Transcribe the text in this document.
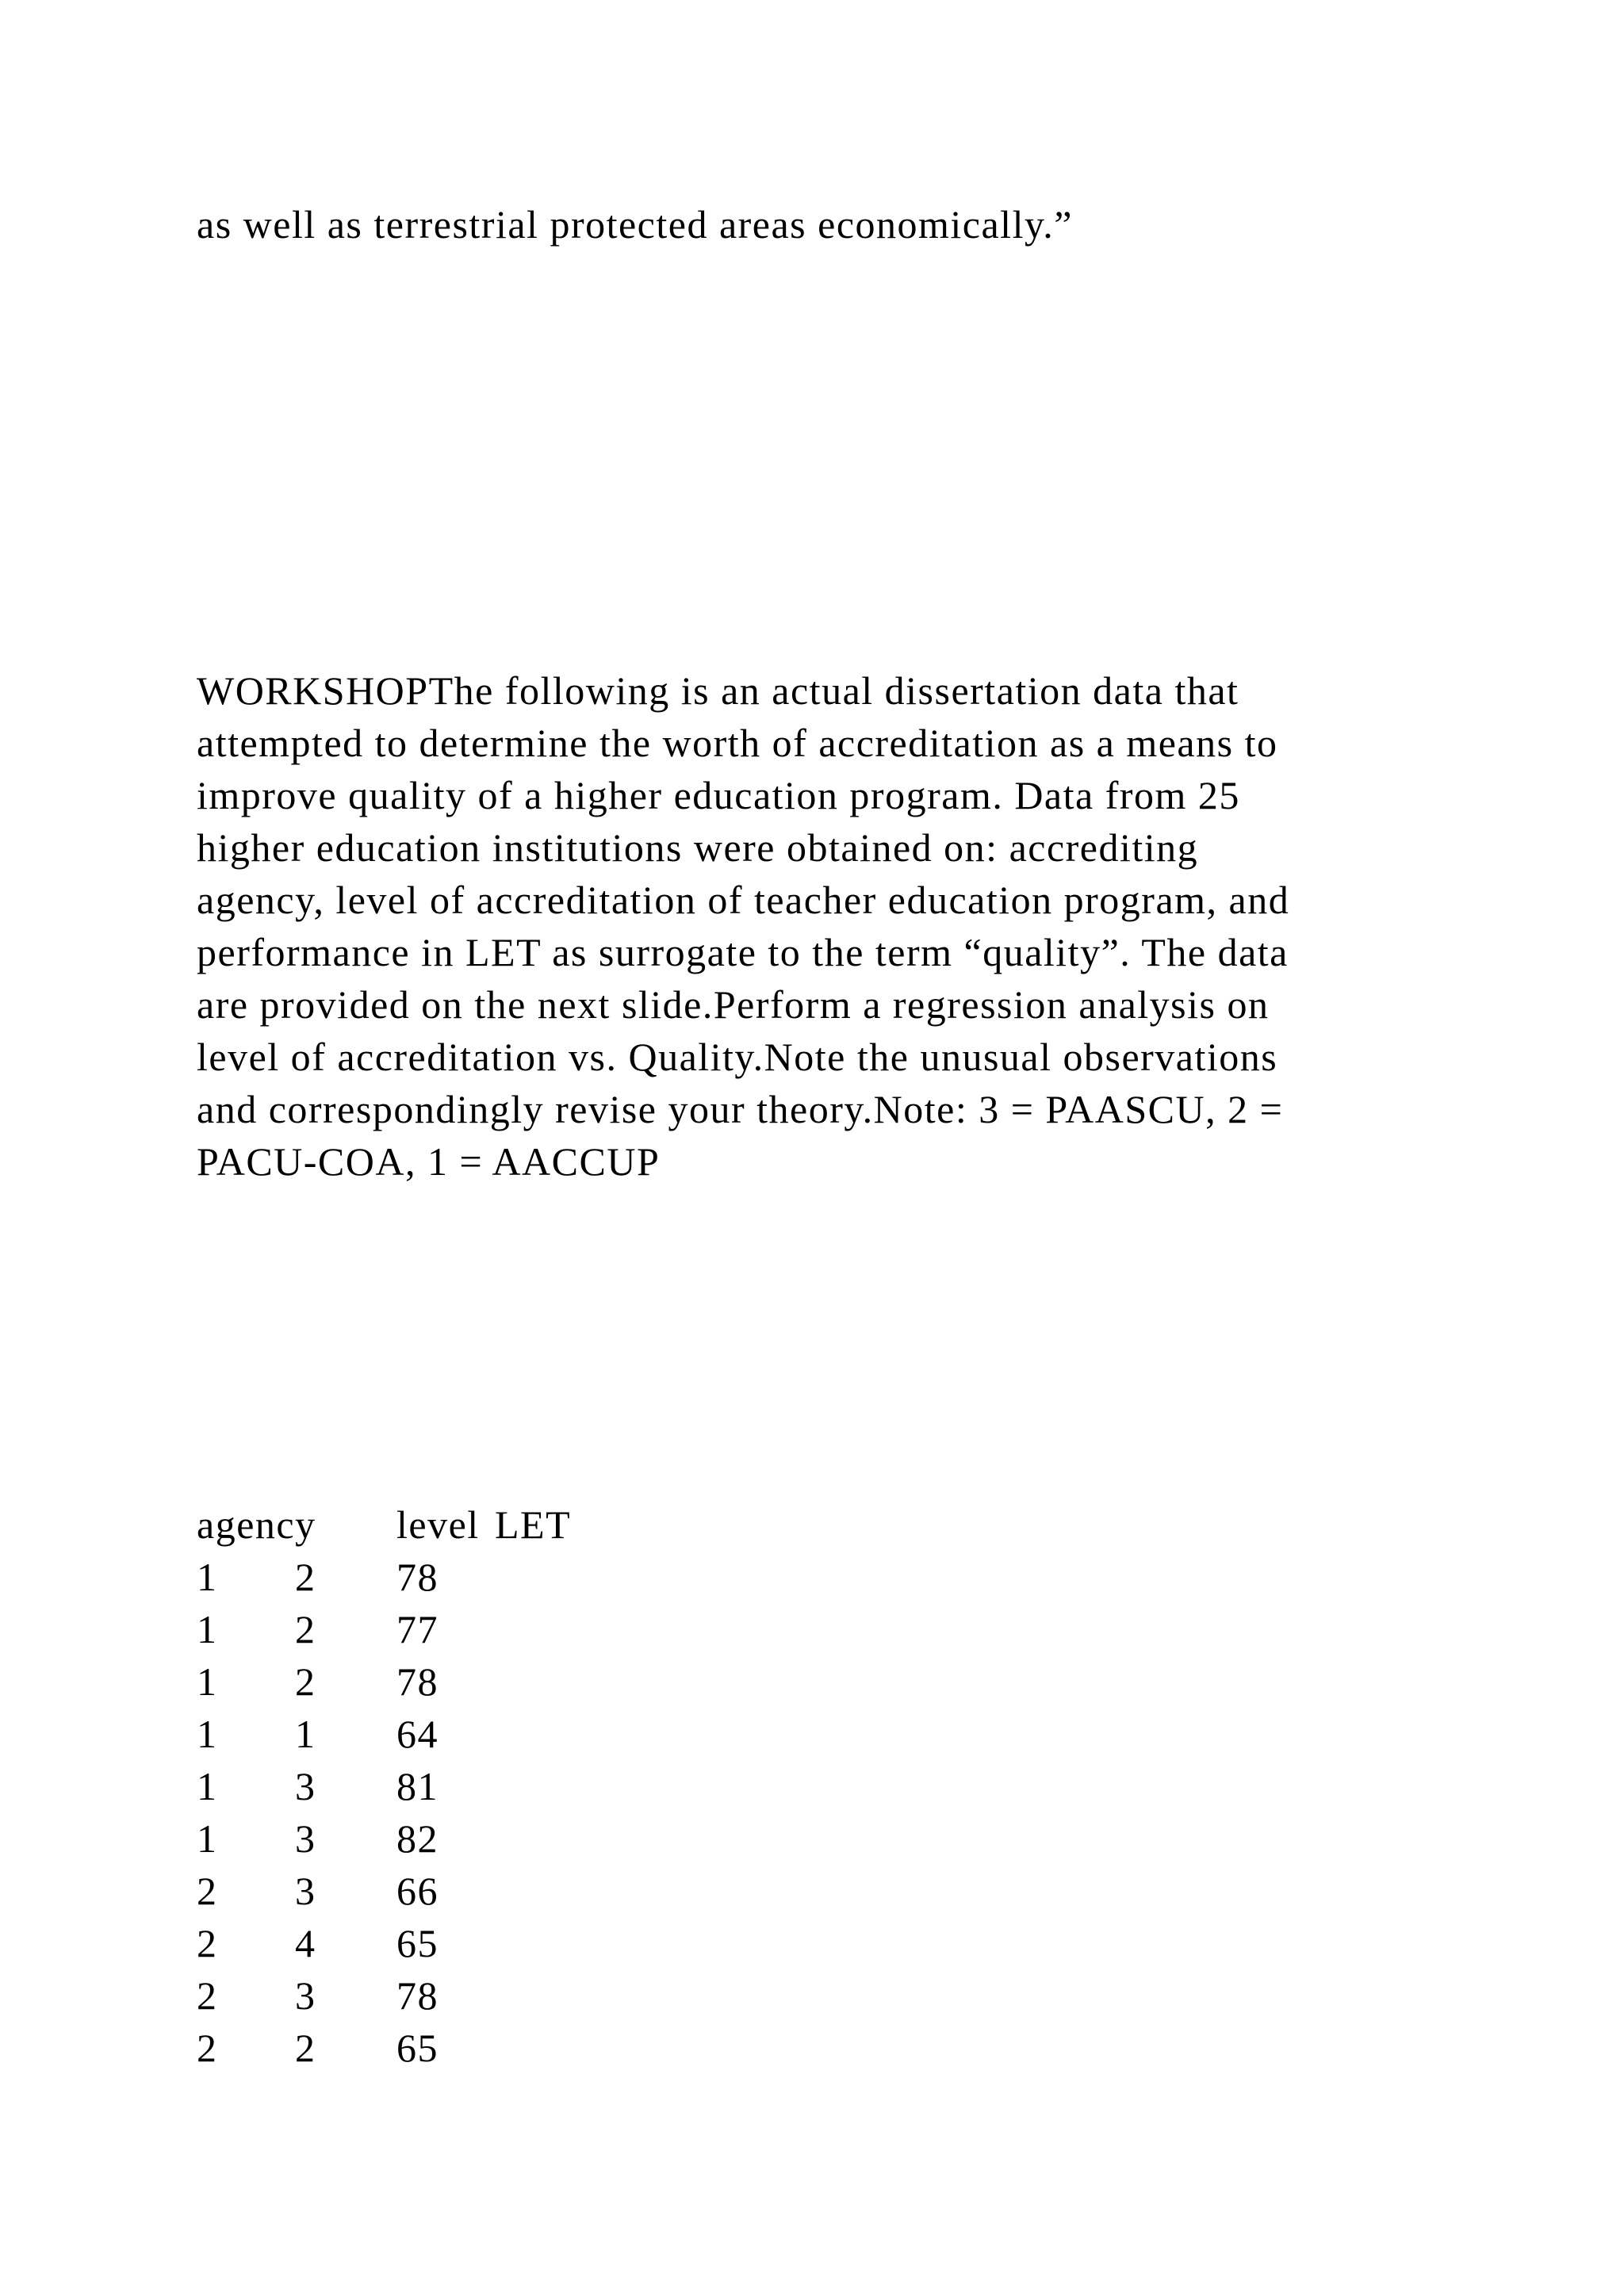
as well as terrestrial protected areas economically.”

WORKSHOPThe following is an actual dissertation data that
attempted to determine the worth of accreditation as a means to
improve quality of a higher education program. Data from 25
higher education institutions were obtained on: accrediting
agency, level of accreditation of teacher education program, and
performance in LET as surrogate to the term “quality”. The data
are provided on the next slide.Perform a regression analysis on
level of accreditation vs. Quality.Note the unusual observations
and correspondingly revise your theory.Note: 3 = PAASCU, 2 =
PACU-COA, 1 = AACCUP

agency level LET
1 2 78
1 2 77
1 2 78
1 1 64
1 3 81
1 3 82
2 3 66
2 4 65
2 3 78
2 2 65
